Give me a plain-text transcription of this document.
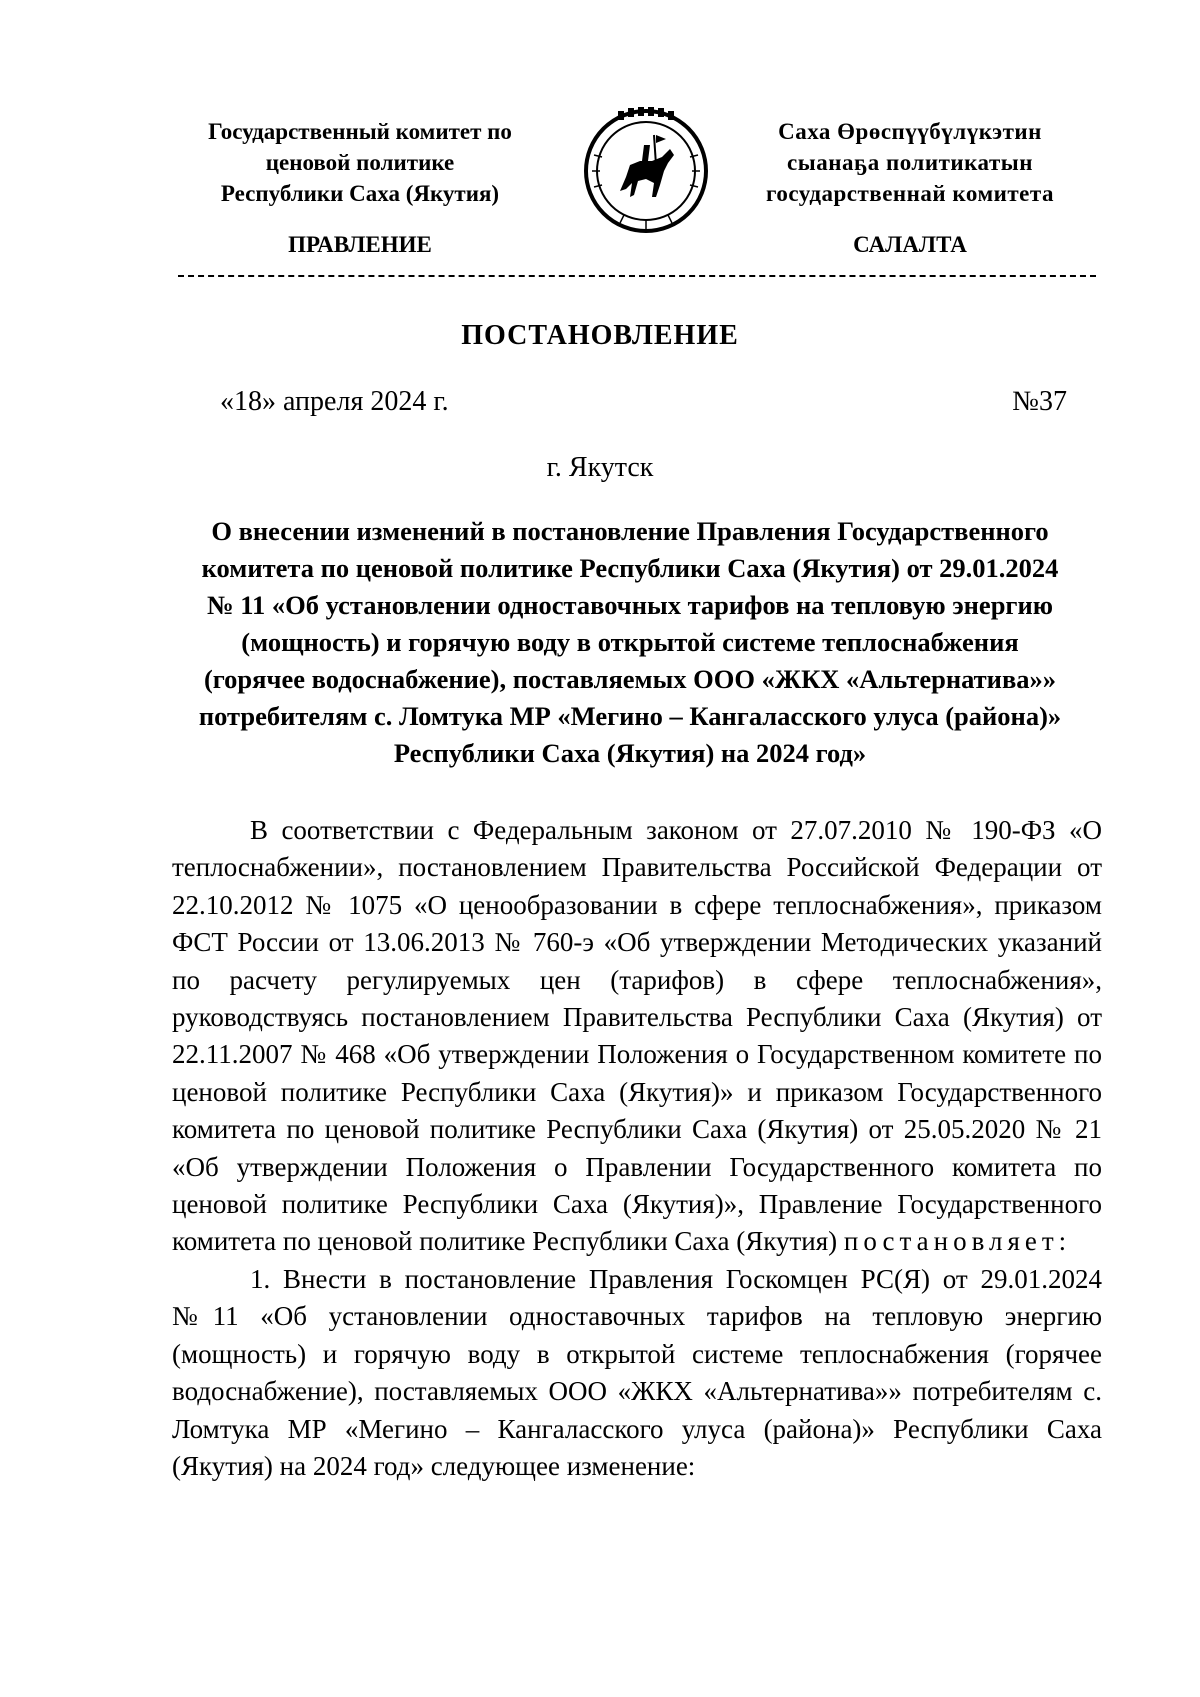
Государственный комитет по
ценовой политике
Республики Саха (Якутия)
Саха Өрөспүүбүлүкэтин
сыанаҕа политикатын
государственнай комитета
ПРАВЛЕНИЕ	САЛАЛТА
ПОСТАНОВЛЕНИЕ
«18» апреля 2024 г.	№37
г. Якутск
О внесении изменений в постановление Правления Государственного
комитета по ценовой политике Республики Саха (Якутия) от 29.01.2024
№ 11 «Об установлении одноставочных тарифов на тепловую энергию
(мощность) и горячую воду в открытой системе теплоснабжения
(горячее водоснабжение), поставляемых ООО «ЖКХ «Альтернатива»»
потребителям с. Ломтука МР «Мегино – Кангаласского улуса (района)»
Республики Саха (Якутия) на 2024 год»

В соответствии с Федеральным законом от 27.07.2010 № 190-ФЗ «О теплоснабжении», постановлением Правительства Российской Федерации от 22.10.2012 № 1075 «О ценообразовании в сфере теплоснабжения», приказом ФСТ России от 13.06.2013 № 760-э «Об утверждении Методических указаний по расчету регулируемых цен (тарифов) в сфере теплоснабжения», руководствуясь постановлением Правительства Республики Саха (Якутия) от 22.11.2007 № 468 «Об утверждении Положения о Государственном комитете по ценовой политике Республики Саха (Якутия)» и приказом Государственного комитета по ценовой политике Республики Саха (Якутия) от 25.05.2020 № 21 «Об утверждении Положения о Правлении Государственного комитета по ценовой политике Республики Саха (Якутия)», Правление Государственного комитета по ценовой политике Республики Саха (Якутия) постановляет:

1. Внести в постановление Правления Госкомцен РС(Я) от 29.01.2024 №11 «Об установлении одноставочных тарифов на тепловую энергию (мощность) и горячую воду в открытой системе теплоснабжения (горячее водоснабжение), поставляемых ООО «ЖКХ «Альтернатива»» потребителям с. Ломтука МР «Мегино – Кангаласского улуса (района)» Республики Саха (Якутия) на 2024 год» следующее изменение:
